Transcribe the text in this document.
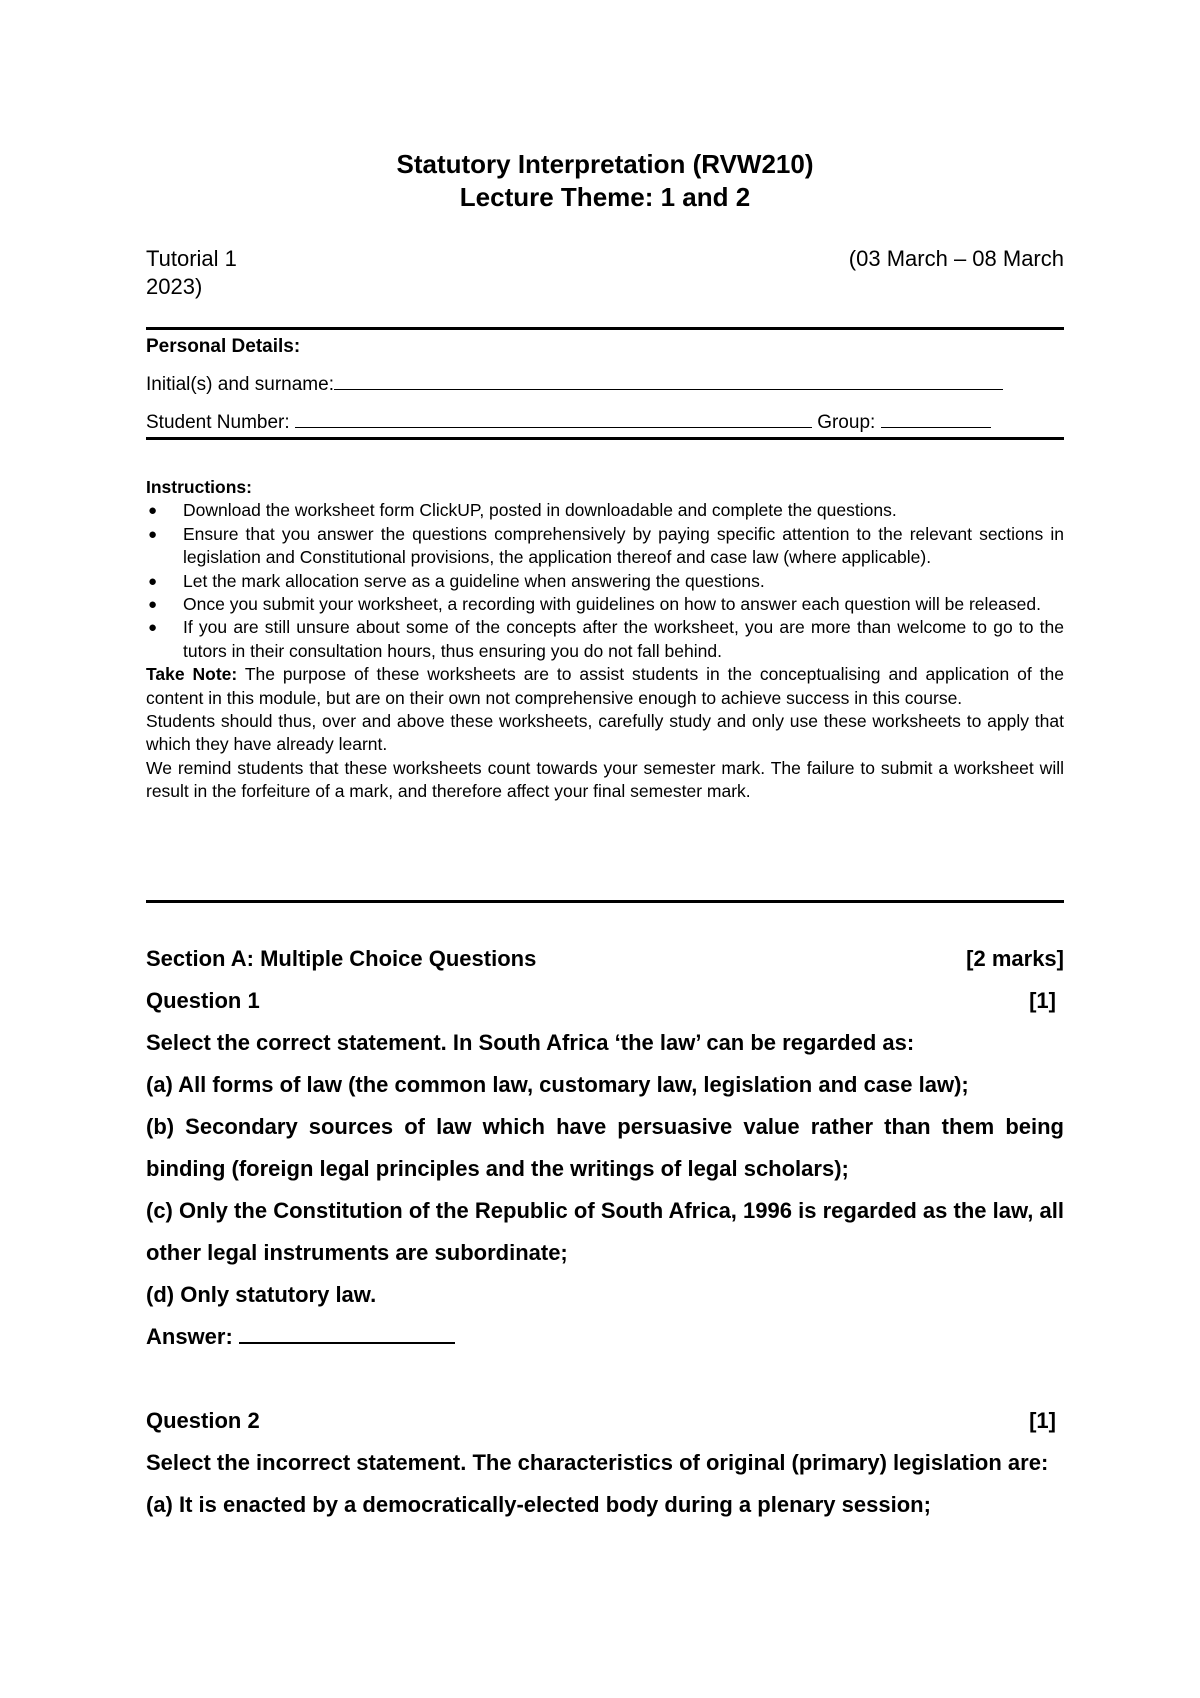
Statutory Interpretation (RVW210)
Lecture Theme: 1 and 2
Tutorial 1	(03 March – 08 March
2023)
Personal Details:
Initial(s) and surname:
Student Number:	Group:
Instructions:
● Download the worksheet form ClickUP, posted in downloadable and complete the questions.
● Ensure that you answer the questions comprehensively by paying specific attention to the relevant sections in legislation and Constitutional provisions, the application thereof and case law (where applicable).
● Let the mark allocation serve as a guideline when answering the questions.
● Once you submit your worksheet, a recording with guidelines on how to answer each question will be released.
● If you are still unsure about some of the concepts after the worksheet, you are more than welcome to go to the tutors in their consultation hours, thus ensuring you do not fall behind.

Take Note: The purpose of these worksheets are to assist students in the conceptualising and application of the content in this module, but are on their own not comprehensive enough to achieve success in this course.

Students should thus, over and above these worksheets, carefully study and only use these worksheets to apply that which they have already learnt.

We remind students that these worksheets count towards your semester mark. The failure to submit a worksheet will result in the forfeiture of a mark, and therefore affect your final semester mark.

Section A: Multiple Choice Questions	[2 marks]
Question 1	[1]
Select the correct statement. In South Africa ‘the law’ can be regarded as:
(a) All forms of law (the common law, customary law, legislation and case law);
(b) Secondary sources of law which have persuasive value rather than them being binding (foreign legal principles and the writings of legal scholars);
(c) Only the Constitution of the Republic of South Africa, 1996 is regarded as the law, all other legal instruments are subordinate;
(d) Only statutory law.
Answer:
Question 2	[1]
Select the incorrect statement. The characteristics of original (primary) legislation are:
(a) It is enacted by a democratically-elected body during a plenary session;
